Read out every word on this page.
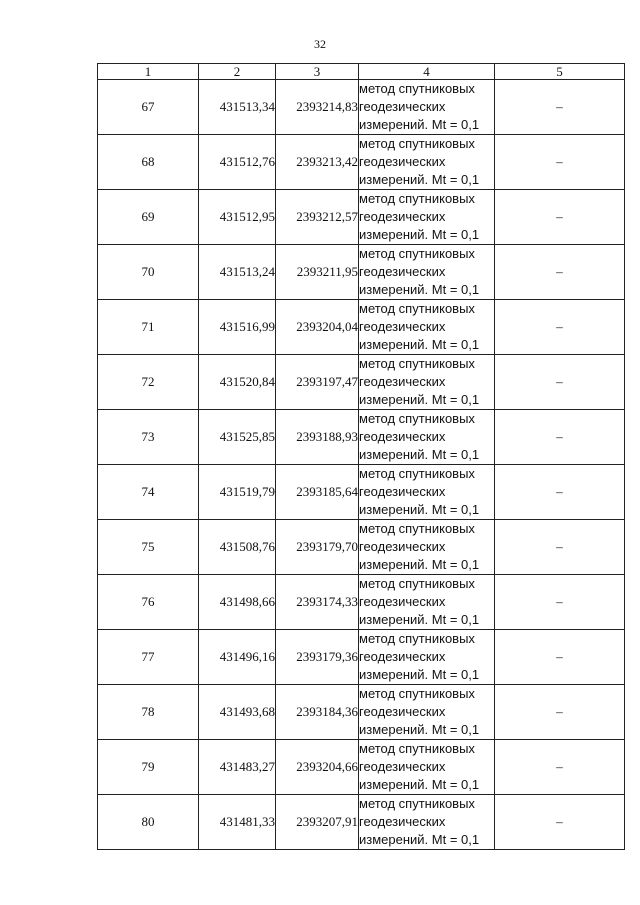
32
1	2	3	4	5
67	431513,34	2393214,83	метод спутниковых
геодезических
измерений. Mt = 0,1	–
68	431512,76	2393213,42	метод спутниковых
геодезических
измерений. Mt = 0,1	–
69	431512,95	2393212,57	метод спутниковых
геодезических
измерений. Mt = 0,1	–
70	431513,24	2393211,95	метод спутниковых
геодезических
измерений. Mt = 0,1	–
71	431516,99	2393204,04	метод спутниковых
геодезических
измерений. Mt = 0,1	–
72	431520,84	2393197,47	метод спутниковых
геодезических
измерений. Mt = 0,1	–
73	431525,85	2393188,93	метод спутниковых
геодезических
измерений. Mt = 0,1	–
74	431519,79	2393185,64	метод спутниковых
геодезических
измерений. Mt = 0,1	–
75	431508,76	2393179,70	метод спутниковых
геодезических
измерений. Mt = 0,1	–
76	431498,66	2393174,33	метод спутниковых
геодезических
измерений. Mt = 0,1	–
77	431496,16	2393179,36	метод спутниковых
геодезических
измерений. Mt = 0,1	–
78	431493,68	2393184,36	метод спутниковых
геодезических
измерений. Mt = 0,1	–
79	431483,27	2393204,66	метод спутниковых
геодезических
измерений. Mt = 0,1	–
80	431481,33	2393207,91	метод спутниковых
геодезических
измерений. Mt = 0,1	–
